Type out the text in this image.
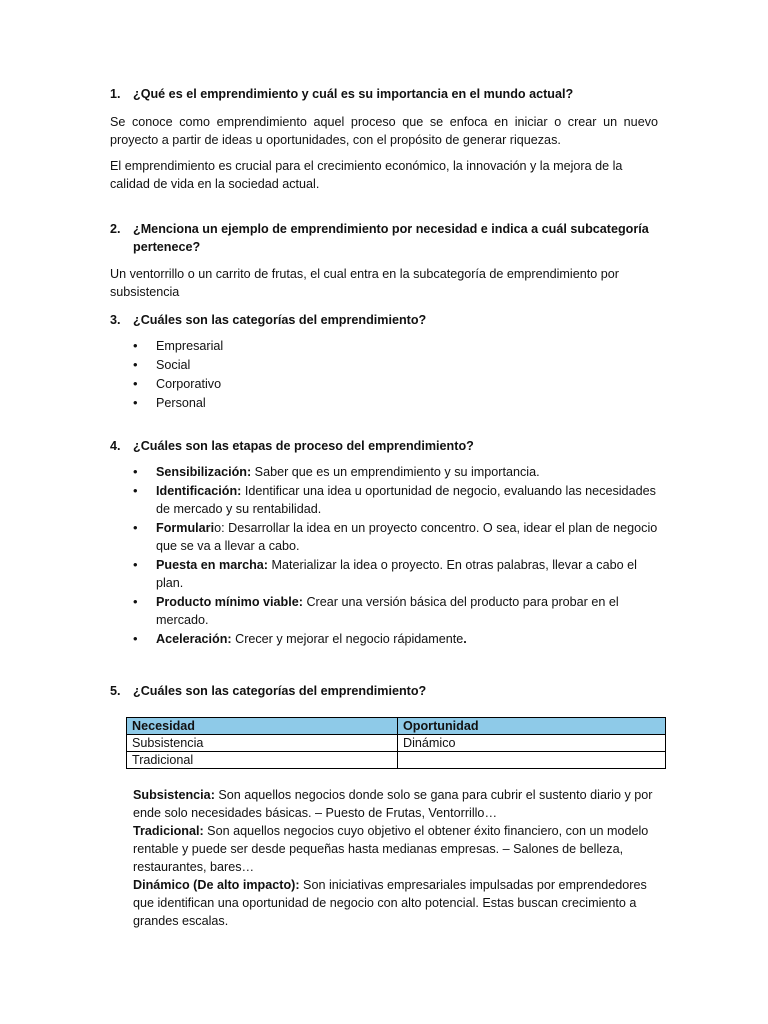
1. ¿Qué es el emprendimiento y cuál es su importancia en el mundo actual?

Se conoce como emprendimiento aquel proceso que se enfoca en iniciar o crear un nuevo proyecto a partir de ideas u oportunidades, con el propósito de generar riquezas.

El emprendimiento es crucial para el crecimiento económico, la innovación y la mejora de la calidad de vida en la sociedad actual.

2. ¿Menciona un ejemplo de emprendimiento por necesidad e indica a cuál subcategoría pertenece?

Un ventorrillo o un carrito de frutas, el cual entra en la subcategoría de emprendimiento por subsistencia

3. ¿Cuáles son las categorías del emprendimiento?

• Empresarial
• Social
• Corporativo
• Personal

4. ¿Cuáles son las etapas de proceso del emprendimiento?

• Sensibilización: Saber que es un emprendimiento y su importancia.
• Identificación: Identificar una idea u oportunidad de negocio, evaluando las necesidades de mercado y su rentabilidad.
• Formulario: Desarrollar la idea en un proyecto concentro. O sea, idear el plan de negocio que se va a llevar a cabo.
• Puesta en marcha: Materializar la idea o proyecto. En otras palabras, llevar a cabo el plan.
• Producto mínimo viable: Crear una versión básica del producto para probar en el mercado.
• Aceleración: Crecer y mejorar el negocio rápidamente.

5. ¿Cuáles son las categorías del emprendimiento?

Necesidad	Oportunidad
Subsistencia	Dinámico
Tradicional	

Subsistencia: Son aquellos negocios donde solo se gana para cubrir el sustento diario y por ende solo necesidades básicas. – Puesto de Frutas, Ventorrillo…

Tradicional: Son aquellos negocios cuyo objetivo el obtener éxito financiero, con un modelo rentable y puede ser desde pequeñas hasta medianas empresas. – Salones de belleza, restaurantes, bares…

Dinámico (De alto impacto): Son iniciativas empresariales impulsadas por emprendedores que identifican una oportunidad de negocio con alto potencial. Estas buscan crecimiento a grandes escalas.
